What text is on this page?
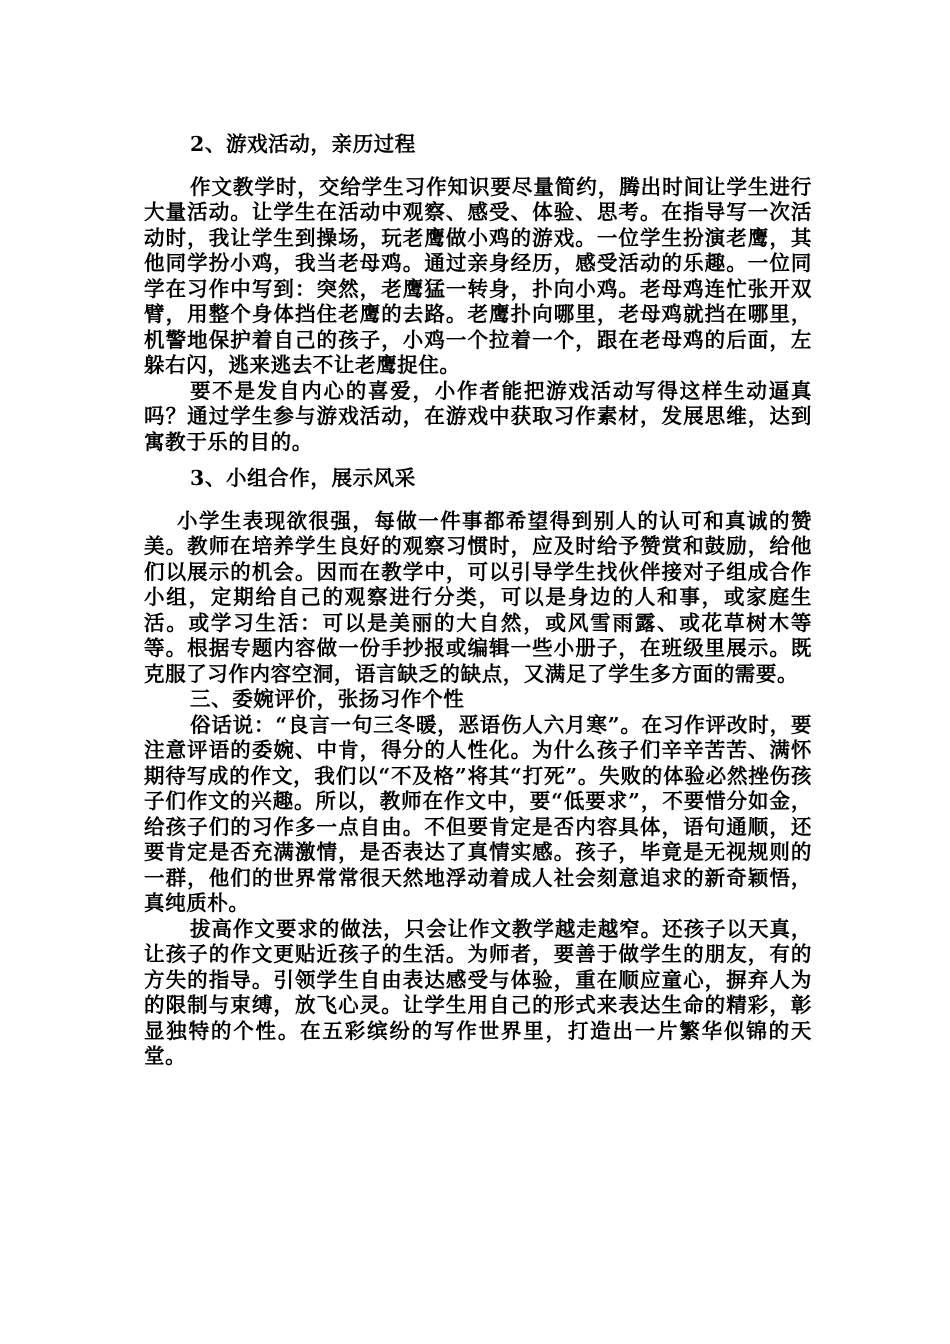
2、游戏活动，亲历过程

作文教学时，交给学生习作知识要尽量简约，腾出时间让学生进行大量活动。让学生在活动中观察、感受、体验、思考。在指导写一次活动时，我让学生到操场，玩老鹰做小鸡的游戏。一位学生扮演老鹰，其他同学扮小鸡，我当老母鸡。通过亲身经历，感受活动的乐趣。一位同学在习作中写到：突然，老鹰猛一转身，扑向小鸡。老母鸡连忙张开双臂，用整个身体挡住老鹰的去路。老鹰扑向哪里，老母鸡就挡在哪里，机警地保护着自己的孩子，小鸡一个拉着一个，跟在老母鸡的后面，左躲右闪，逃来逃去不让老鹰捉住。

要不是发自内心的喜爱，小作者能把游戏活动写得这样生动逼真吗？通过学生参与游戏活动，在游戏中获取习作素材，发展思维，达到寓教于乐的目的。

3、小组合作，展示风采

小学生表现欲很强，每做一件事都希望得到别人的认可和真诚的赞美。教师在培养学生良好的观察习惯时，应及时给予赞赏和鼓励，给他们以展示的机会。因而在教学中，可以引导学生找伙伴接对子组成合作小组，定期给自己的观察进行分类，可以是身边的人和事，或家庭生活。或学习生活：可以是美丽的大自然，或风雪雨露、或花草树木等等。根据专题内容做一份手抄报或编辑一些小册子，在班级里展示。既克服了习作内容空洞，语言缺乏的缺点，又满足了学生多方面的需要。

三、委婉评价，张扬习作个性

俗话说：“良言一句三冬暖，恶语伤人六月寒”。在习作评改时，要注意评语的委婉、中肯，得分的人性化。为什么孩子们辛辛苦苦、满怀期待写成的作文，我们以“不及格”将其“打死”。失败的体验必然挫伤孩子们作文的兴趣。所以，教师在作文中，要“低要求”，不要惜分如金，给孩子们的习作多一点自由。不但要肯定是否内容具体，语句通顺，还要肯定是否充满激情，是否表达了真情实感。孩子，毕竟是无视规则的一群，他们的世界常常很天然地浮动着成人社会刻意追求的新奇颖悟，真纯质朴。

拔高作文要求的做法，只会让作文教学越走越窄。还孩子以天真，让孩子的作文更贴近孩子的生活。为师者，要善于做学生的朋友，有的方失的指导。引领学生自由表达感受与体验，重在顺应童心，摒弃人为的限制与束缚，放飞心灵。让学生用自己的形式来表达生命的精彩，彰显独特的个性。在五彩缤纷的写作世界里，打造出一片繁华似锦的天堂。
